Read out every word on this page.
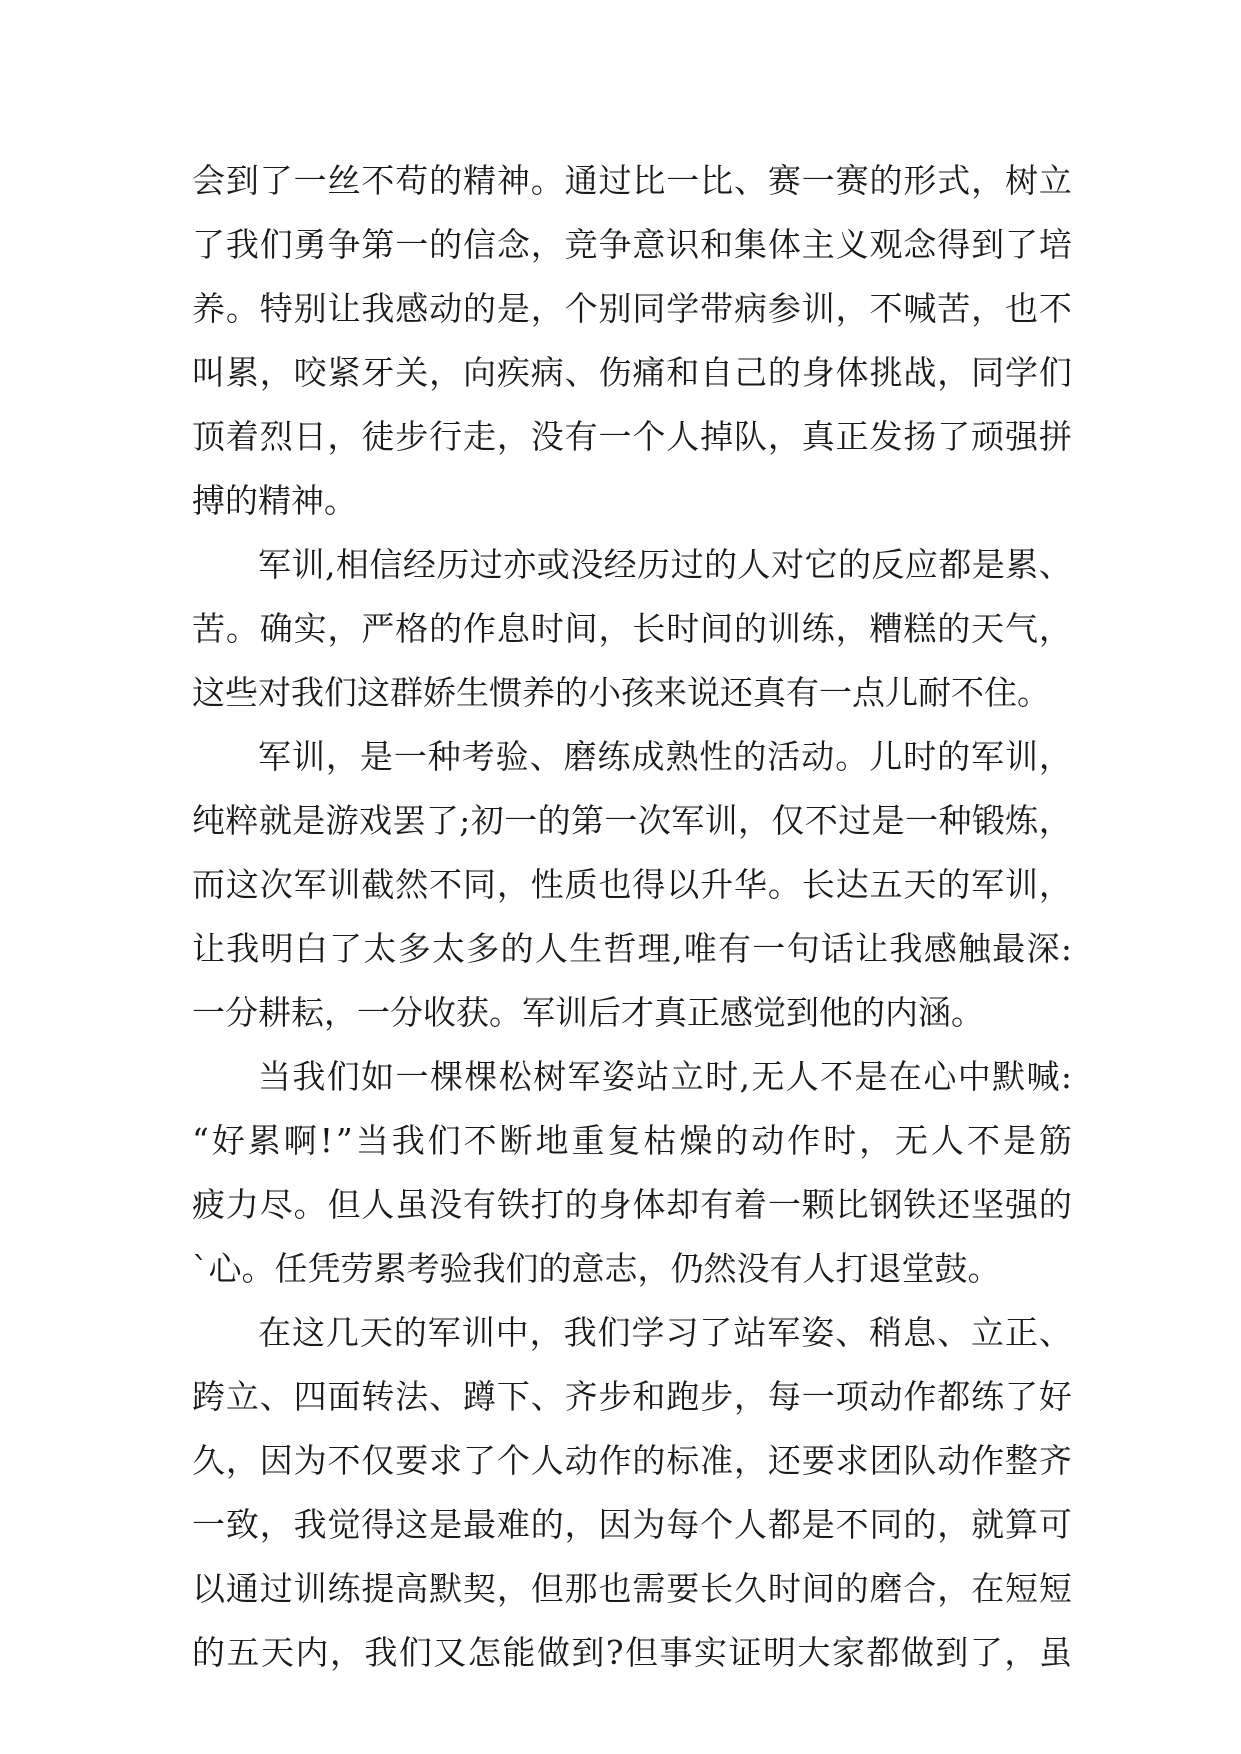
会 到 了 一 丝 不 苟 的 精 神 。 通 过 比 一 比 、 赛 一 赛 的 形 式 ， 树 立
了 我 们 勇 争 第 一 的 信 念 ， 竞 争 意 识 和 集 体 主 义 观 念 得 到 了 培
养 。 特 别 让 我 感 动 的 是 ， 个 别 同 学 带 病 参 训 ， 不 喊 苦 ， 也 不
叫 累 ， 咬 紧 牙 关 ， 向 疾 病 、 伤 痛 和 自 己 的 身 体 挑 战 ， 同 学 们
顶 着 烈 日 ， 徒 步 行 走 ， 没 有 一 个 人 掉 队 ， 真 正 发 扬 了 顽 强 拼
搏 的 精 神 。
军 训 , 相 信 经 历 过 亦 或 没 经 历 过 的 人 对 它 的 反 应 都 是 累 、
苦 。 确 实 ， 严 格 的 作 息 时 间 ， 长 时 间 的 训 练 ， 糟 糕 的 天 气 ，
这 些 对 我 们 这 群 娇 生 惯 养 的 小 孩 来 说 还 真 有 一 点 儿 耐 不 住 。
军 训 ， 是 一 种 考 验 、 磨 练 成 熟 性 的 活 动 。 儿 时 的 军 训 ，
纯 粹 就 是 游 戏 罢 了 ; 初 一 的 第 一 次 军 训 ， 仅 不 过 是 一 种 锻 炼 ，
而 这 次 军 训 截 然 不 同 ， 性 质 也 得 以 升 华 。 长 达 五 天 的 军 训 ，
让 我 明 白 了 太 多 太 多 的 人 生 哲 理 , 唯 有 一 句 话 让 我 感 触 最 深 :
一 分 耕 耘 ， 一 分 收 获 。 军 训 后 才 真 正 感 觉 到 他 的 内 涵 。
当 我 们 如 一 棵 棵 松 树 军 姿 站 立 时 , 无 人 不 是 在 心 中 默 喊 :
“ 好 累 啊 ! ” 当 我 们 不 断 地 重 复 枯 燥 的 动 作 时 ， 无 人 不 是 筋
疲 力 尽 。 但 人 虽 没 有 铁 打 的 身 体 却 有 着 一 颗 比 钢 铁 还 坚 强 的
` 心 。 任 凭 劳 累 考 验 我 们 的 意 志 ， 仍 然 没 有 人 打 退 堂 鼓 。
在 这 几 天 的 军 训 中 ， 我 们 学 习 了 站 军 姿 、 稍 息 、 立 正 、
跨 立 、 四 面 转 法 、 蹲 下 、 齐 步 和 跑 步 ， 每 一 项 动 作 都 练 了 好
久 ， 因 为 不 仅 要 求 了 个 人 动 作 的 标 准 ， 还 要 求 团 队 动 作 整 齐
一 致 ， 我 觉 得 这 是 最 难 的 ， 因 为 每 个 人 都 是 不 同 的 ， 就 算 可
以 通 过 训 练 提 高 默 契 ， 但 那 也 需 要 长 久 时 间 的 磨 合 ， 在 短 短
的 五 天 内 ， 我 们 又 怎 能 做 到 ? 但 事 实 证 明 大 家 都 做 到 了 ， 虽
